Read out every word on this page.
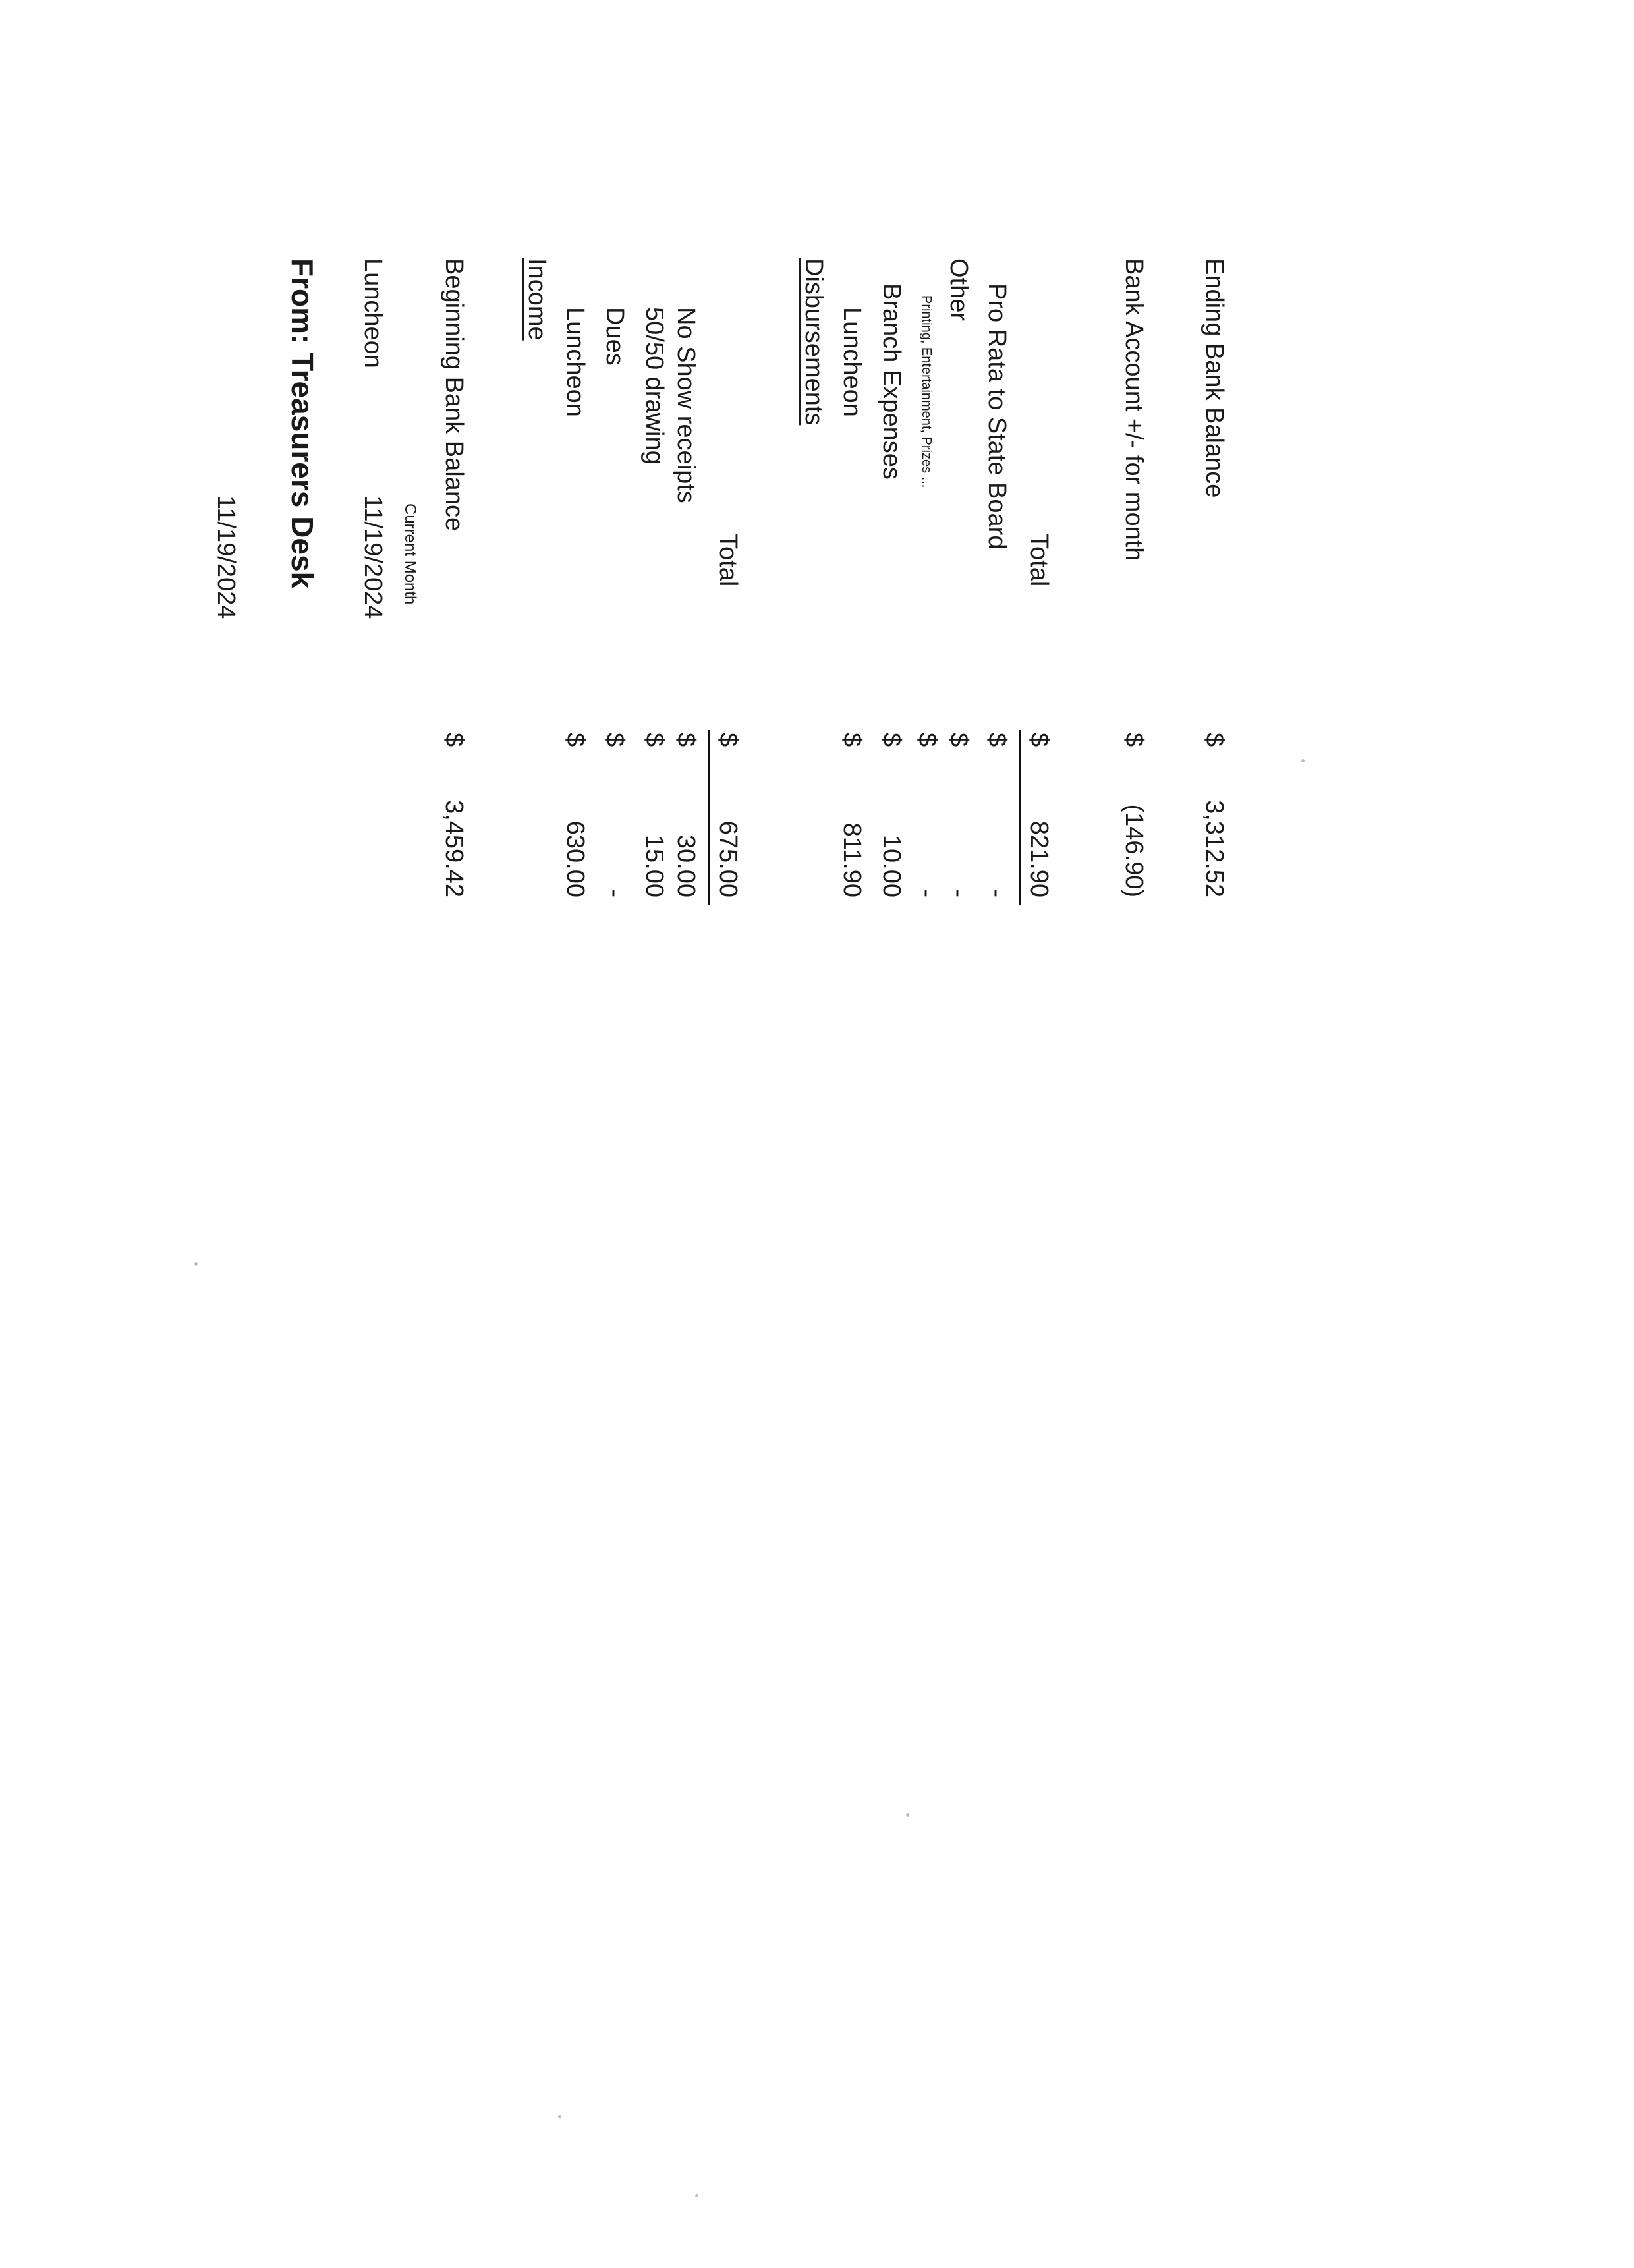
11/19/2024 From: Treasurers Desk Luncheon
11/19/2024 Current Month
Beginning Bank Balance
$
3,459.42
Income
Luncheon
$
630.00
Dues
$
-
50/50 drawing
$
15.00
No Show receipts
$
30.00
Total
$
675.00
Disbursements Luncheon
$
811.90
Branch Expenses
$
10.00
Printing, Entertainment, Prizes ...
$
-
Other
$
-
Pro Rata to State Board
$
-
Total
$
821.90
Bank Account +/- for month
$
(146.90)
Ending Bank Balance
$
3,312.52
